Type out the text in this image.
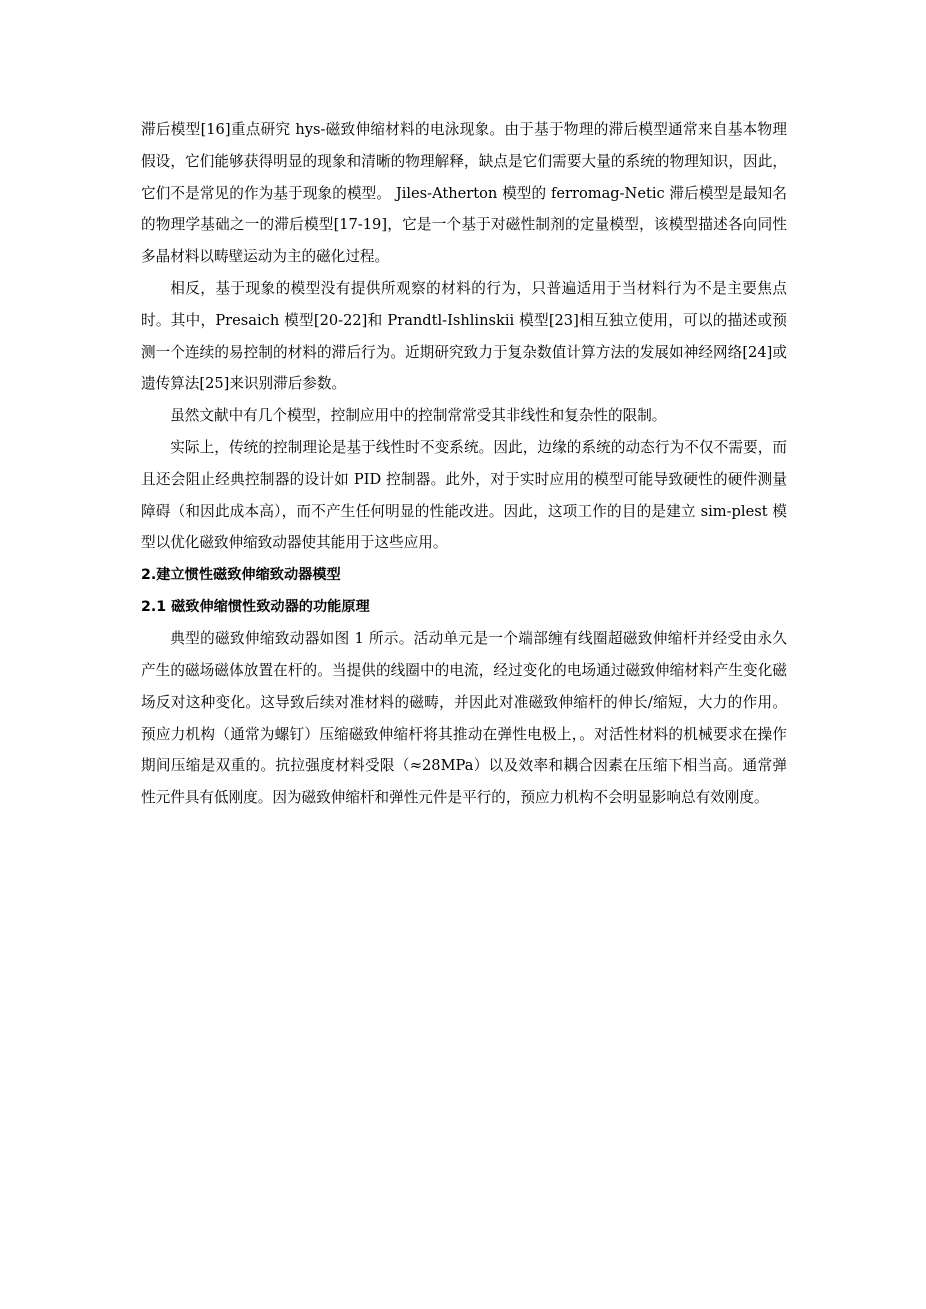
滞后模型[16]重点研究 hys-磁致伸缩材料的电泳现象。由于基于物理的滞后模型通常来自基本物理假设，它们能够获得明显的现象和清晰的物理解释，缺点是它们需要大量的系统的物理知识，因此，它们不是常见的作为基于现象的模型。 Jiles-Atherton 模型的 ferromag-Netic 滞后模型是最知名的物理学基础之一的滞后模型[17-19]，它是一个基于对磁性制剂的定量模型，该模型描述各向同性多晶材料以畴壁运动为主的磁化过程。

相反，基于现象的模型没有提供所观察的材料的行为，只普遍适用于当材料行为不是主要焦点时。其中，Presaich 模型[20-22]和 Prandtl-Ishlinskii 模型[23]相互独立使用，可以的描述或预测一个连续的易控制的材料的滞后行为。近期研究致力于复杂数值计算方法的发展如神经网络[24]或遗传算法[25]来识别滞后参数。

虽然文献中有几个模型，控制应用中的控制常常受其非线性和复杂性的限制。

实际上，传统的控制理论是基于线性时不变系统。因此，边缘的系统的动态行为不仅不需要，而且还会阻止经典控制器的设计如 PID 控制器。此外，对于实时应用的模型可能导致硬性的硬件测量障碍（和因此成本高），而不产生任何明显的性能改进。因此，这项工作的目的是建立 sim-plest 模型以优化磁致伸缩致动器使其能用于这些应用。

2.建立惯性磁致伸缩致动器模型
2.1 磁致伸缩惯性致动器的功能原理

典型的磁致伸缩致动器如图 1 所示。活动单元是一个端部缠有线圈超磁致伸缩杆并经受由永久产生的磁场磁体放置在杆的。当提供的线圈中的电流，经过变化的电场通过磁致伸缩材料产生变化磁场反对这种变化。这导致后续对准材料的磁畴，并因此对准磁致伸缩杆的伸长/缩短，大力的作用。预应力机构（通常为螺钉）压缩磁致伸缩杆将其推动在弹性电极上，。对活性材料的机械要求在操作期间压缩是双重的。抗拉强度材料受限（≈28MPa）以及效率和耦合因素在压缩下相当高。通常弹性元件具有低刚度。因为磁致伸缩杆和弹性元件是平行的，预应力机构不会明显影响总有效刚度。
